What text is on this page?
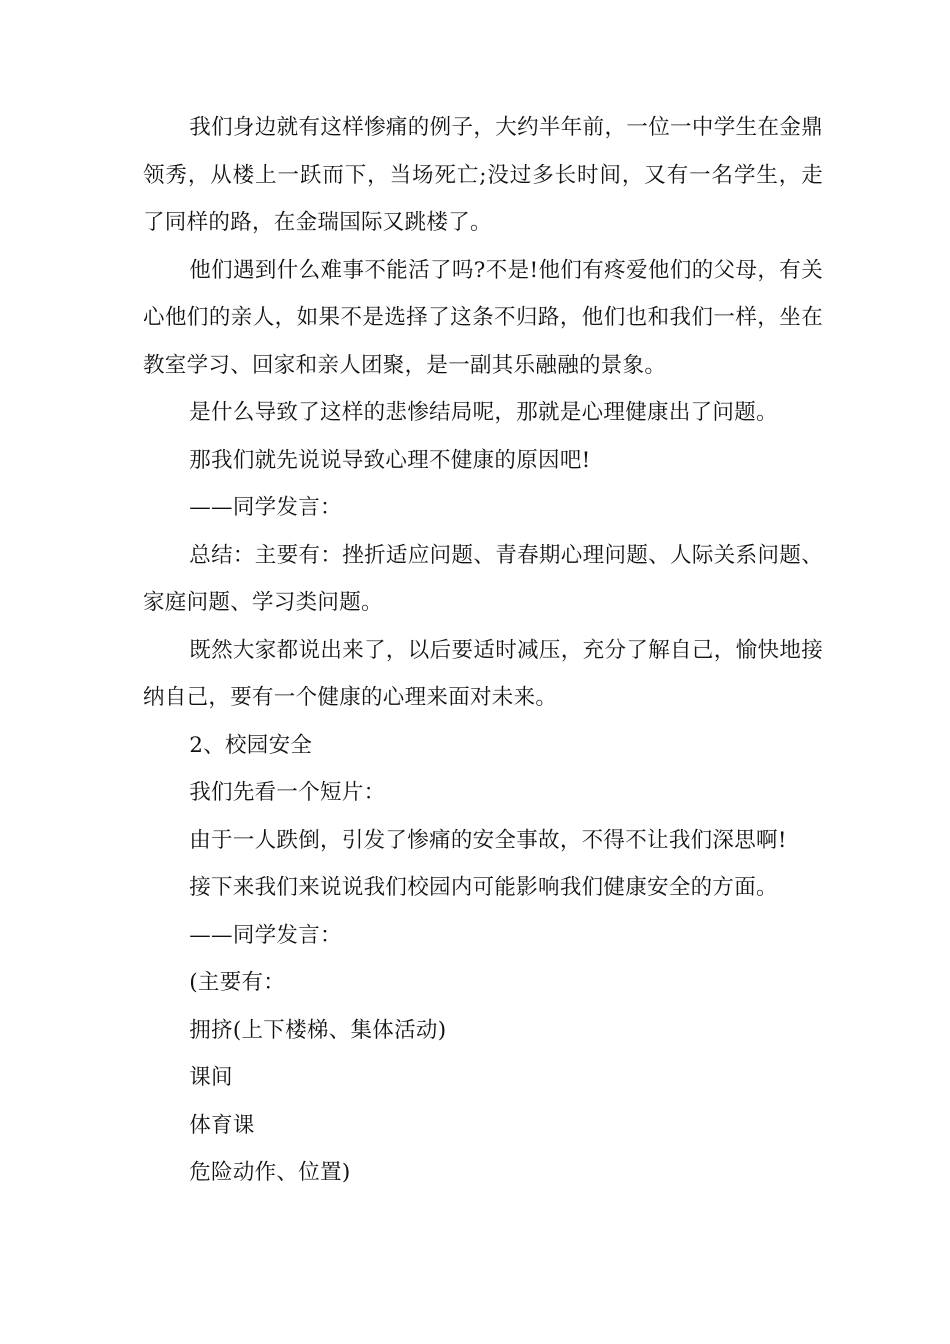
我们身边就有这样惨痛的例子，大约半年前，一位一中学生在金鼎领秀，从楼上一跃而下，当场死亡;没过多长时间，又有一名学生，走了同样的路，在金瑞国际又跳楼了。

他们遇到什么难事不能活了吗?不是!他们有疼爱他们的父母，有关心他们的亲人，如果不是选择了这条不归路，他们也和我们一样，坐在教室学习、回家和亲人团聚，是一副其乐融融的景象。

是什么导致了这样的悲惨结局呢，那就是心理健康出了问题。

那我们就先说说导致心理不健康的原因吧!

——同学发言：

总结：主要有：挫折适应问题、青春期心理问题、人际关系问题、家庭问题、学习类问题。

既然大家都说出来了，以后要适时减压，充分了解自己，愉快地接纳自己，要有一个健康的心理来面对未来。

2、校园安全

我们先看一个短片：

由于一人跌倒，引发了惨痛的安全事故，不得不让我们深思啊!

接下来我们来说说我们校园内可能影响我们健康安全的方面。

——同学发言：

(主要有：

拥挤(上下楼梯、集体活动)

课间

体育课

危险动作、位置)
